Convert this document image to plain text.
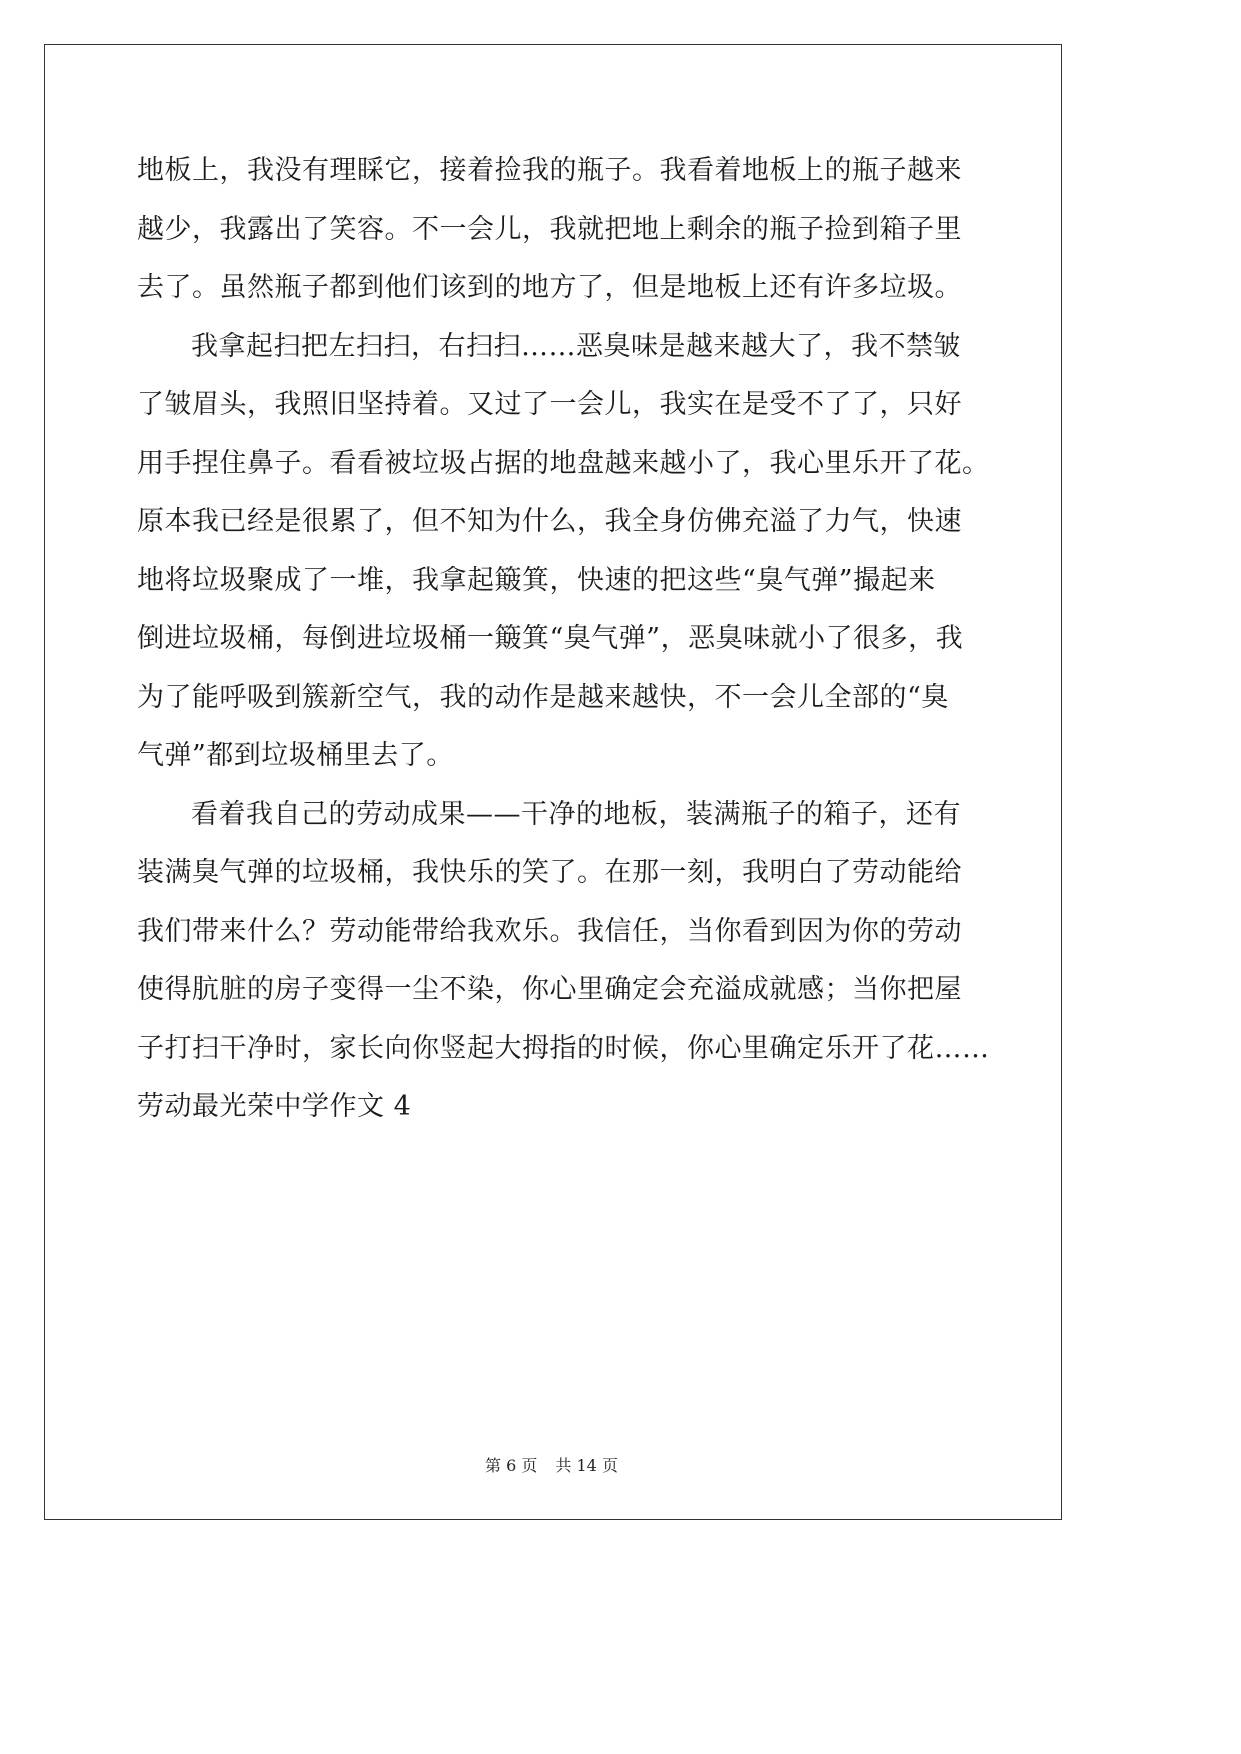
地板上，我没有理睬它，接着捡我的瓶子。我看着地板上的瓶子越来
越少，我露出了笑容。不一会儿，我就把地上剩余的瓶子捡到箱子里
去了。虽然瓶子都到他们该到的地方了，但是地板上还有许多垃圾。
我拿起扫把左扫扫，右扫扫……恶臭味是越来越大了，我不禁皱
了皱眉头，我照旧坚持着。又过了一会儿，我实在是受不了了，只好
用手捏住鼻子。看看被垃圾占据的地盘越来越小了，我心里乐开了花。
原本我已经是很累了，但不知为什么，我全身仿佛充溢了力气，快速
地将垃圾聚成了一堆，我拿起簸箕，快速的把这些“臭气弹”撮起来
倒进垃圾桶，每倒进垃圾桶一簸箕“臭气弹”，恶臭味就小了很多，我
为了能呼吸到簇新空气，我的动作是越来越快，不一会儿全部的“臭
气弹”都到垃圾桶里去了。
看着我自己的劳动成果——干净的地板，装满瓶子的箱子，还有
装满臭气弹的垃圾桶，我快乐的笑了。在那一刻，我明白了劳动能给
我们带来什么？劳动能带给我欢乐。我信任，当你看到因为你的劳动
使得肮脏的房子变得一尘不染，你心里确定会充溢成就感；当你把屋
子打扫干净时，家长向你竖起大拇指的时候，你心里确定乐开了花……
劳动最光荣中学作文 4
第 6 页 共 14 页
